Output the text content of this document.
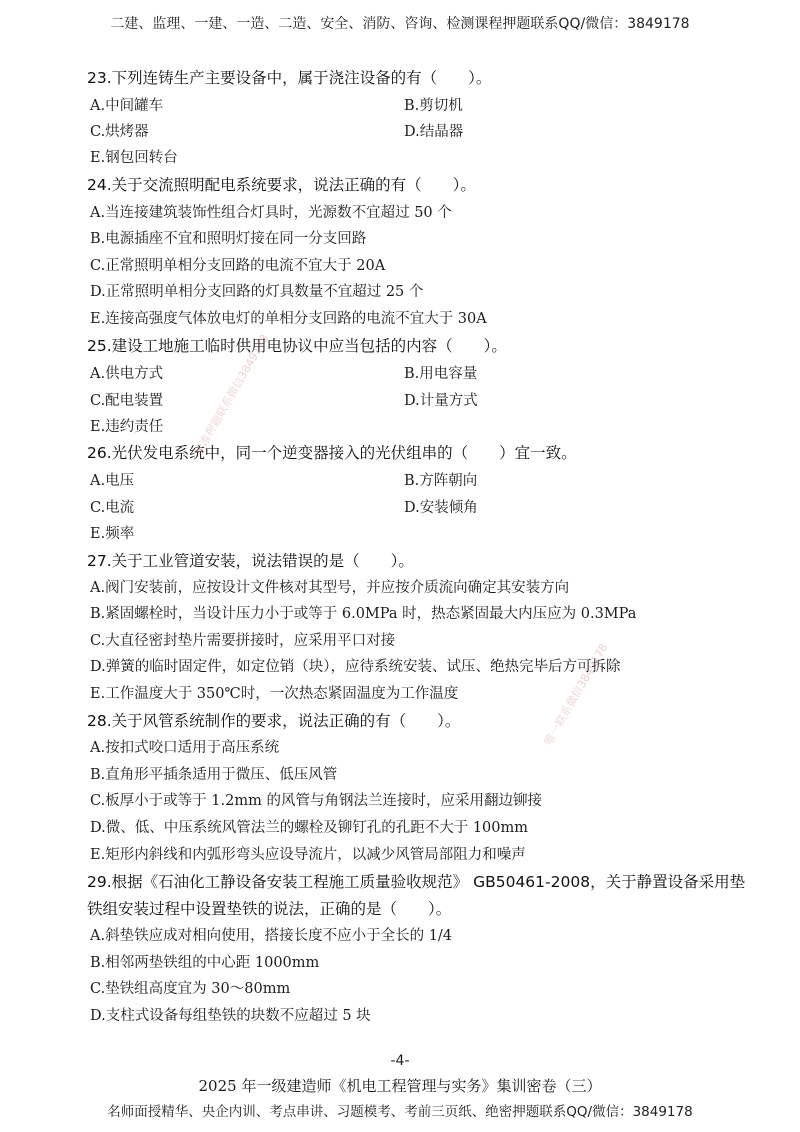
二建、监理、一建、一造、二造、安全、消防、咨询、检测课程押题联系QQ/微信：3849178
23.下列连铸生产主要设备中，属于浇注设备的有（　　）。
A.中间罐车	B.剪切机
C.烘烤器	D.结晶器
E.钢包回转台
24.关于交流照明配电系统要求，说法正确的有（　　）。
A.当连接建筑装饰性组合灯具时，光源数不宜超过 50 个
B.电源插座不宜和照明灯接在同一分支回路
C.正常照明单相分支回路的电流不宜大于 20A
D.正常照明单相分支回路的灯具数量不宜超过 25 个
E.连接高强度气体放电灯的单相分支回路的电流不宜大于 30A
25.建设工地施工临时供用电协议中应当包括的内容（　　）。
A.供电方式	B.用电容量
C.配电装置	D.计量方式
E.违约责任
26.光伏发电系统中，同一个逆变器接入的光伏组串的（　　）宜一致。
A.电压	B.方阵朝向
C.电流	D.安装倾角
E.频率
27.关于工业管道安装，说法错误的是（　　）。
A.阀门安装前，应按设计文件核对其型号，并应按介质流向确定其安装方向
B.紧固螺栓时，当设计压力小于或等于 6.0MPa 时，热态紧固最大内压应为 0.3MPa
C.大直径密封垫片需要拼接时，应采用平口对接
D.弹簧的临时固定件，如定位销（块），应待系统安装、试压、绝热完毕后方可拆除
E.工作温度大于 350℃时，一次热态紧固温度为工作温度
28.关于风管系统制作的要求，说法正确的有（　　）。
A.按扣式咬口适用于高压系统
B.直角形平插条适用于微压、低压风管
C.板厚小于或等于 1.2mm 的风管与角钢法兰连接时，应采用翻边铆接
D.微、低、中压系统风管法兰的螺栓及铆钉孔的孔距不大于 100mm
E.矩形内斜线和内弧形弯头应设导流片，以减少风管局部阻力和噪声
29.根据《石油化工静设备安装工程施工质量验收规范》 GB50461-2008，关于静置设备采用垫
铁组安装过程中设置垫铁的说法，正确的是（　　）。
A.斜垫铁应成对相向使用，搭接长度不应小于全长的 1/4
B.相邻两垫铁组的中心距 1000mm
C.垫铁组高度宜为 30～80mm
D.支柱式设备每组垫铁的块数不应超过 5 块
精准押题联系微信3849178
唯一联系微信3849178
-4-
2025 年一级建造师《机电工程管理与实务》集训密卷（三）
名师面授精华、央企内训、考点串讲、习题模考、考前三页纸、绝密押题联系QQ/微信：3849178
